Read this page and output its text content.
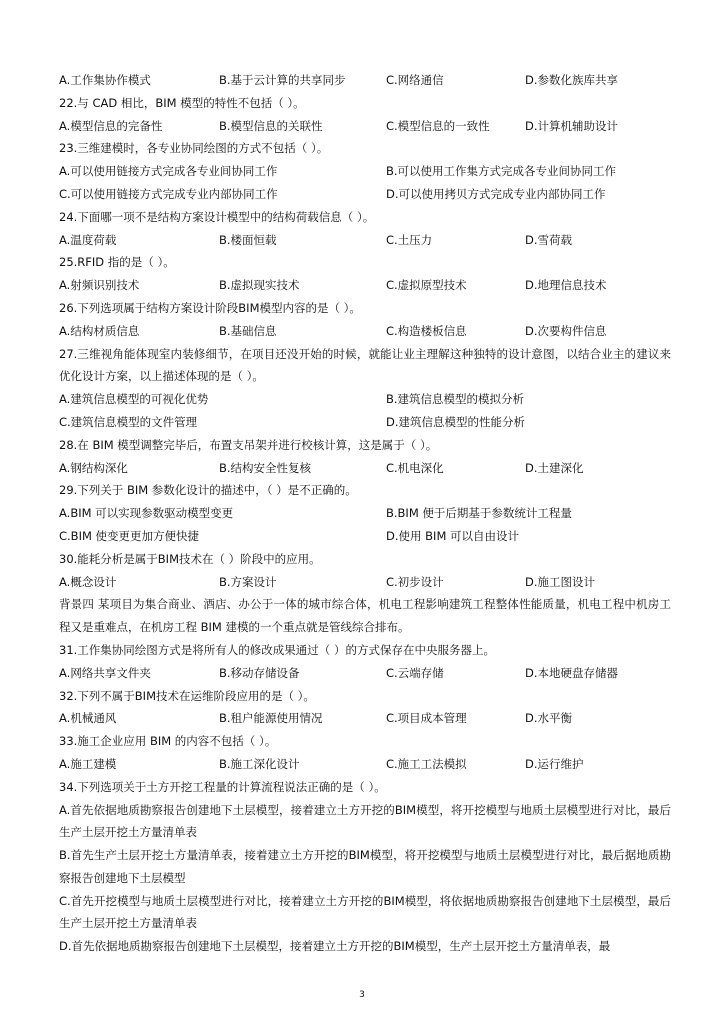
A.工作集协作模式	B.基于云计算的共享同步	C.网络通信	D.参数化族库共享
22.与 CAD 相比，BIM 模型的特性不包括（ ）。
A.模型信息的完备性	B.模型信息的关联性	C.模型信息的一致性	D.计算机辅助设计
23.三维建模时，各专业协同绘图的方式不包括（ ）。
A.可以使用链接方式完成各专业间协同工作	B.可以使用工作集方式完成各专业间协同工作
C.可以使用链接方式完成专业内部协同工作	D.可以使用拷贝方式完成专业内部协同工作
24.下面哪一项不是结构方案设计模型中的结构荷载信息（ ）。
A.温度荷载	B.楼面恒载	C.土压力	D.雪荷载
25.RFID 指的是（ ）。
A.射频识别技术	B.虚拟现实技术	C.虚拟原型技术	D.地理信息技术
26.下列选项属于结构方案设计阶段BIM模型内容的是（ ）。
A.结构材质信息	B.基础信息	C.构造楼板信息	D.次要构件信息
27.三维视角能体现室内装修细节，在项目还没开始的时候，就能让业主理解这种独特的设计意图，以结合业主的建议来优化设计方案，以上描述体现的是（ ）。
A.建筑信息模型的可视化优势	B.建筑信息模型的模拟分析
C.建筑信息模型的文件管理	D.建筑信息模型的性能分析
28.在 BIM 模型调整完毕后，布置支吊架并进行校核计算，这是属于（ ）。
A.钢结构深化	B.结构安全性复核	C.机电深化	D.土建深化
29.下列关于 BIM 参数化设计的描述中，（ ）是不正确的。
A.BIM 可以实现参数驱动模型变更	B.BIM 便于后期基于参数统计工程量
C.BIM 使变更更加方便快捷	D.使用 BIM 可以自由设计
30.能耗分析是属于BIM技术在（ ）阶段中的应用。
A.概念设计	B.方案设计	C.初步设计	D.施工图设计
背景四 某项目为集合商业、酒店、办公于一体的城市综合体，机电工程影响建筑工程整体性能质量，机电工程中机房工程又是重难点，在机房工程 BIM 建模的一个重点就是管线综合排布。
31.工作集协同绘图方式是将所有人的修改成果通过（ ）的方式保存在中央服务器上。
A.网络共享文件夹	B.移动存储设备	C.云端存储	D.本地硬盘存储器
32.下列不属于BIM技术在运维阶段应用的是（ ）。
A.机械通风	B.租户能源使用情况	C.项目成本管理	D.水平衡
33.施工企业应用 BIM 的内容不包括（ ）。
A.施工建模	B.施工深化设计	C.施工工法模拟	D.运行维护
34.下列选项关于土方开挖工程量的计算流程说法正确的是（ ）。
A.首先依据地质勘察报告创建地下土层模型，接着建立土方开挖的BIM模型，将开挖模型与地质土层模型进行对比，最后生产土层开挖土方量清单表
B.首先生产土层开挖土方量清单表，接着建立土方开挖的BIM模型，将开挖模型与地质土层模型进行对比，最后据地质勘察报告创建地下土层模型
C.首先开挖模型与地质土层模型进行对比，接着建立土方开挖的BIM模型，将依据地质勘察报告创建地下土层模型，最后生产土层开挖土方量清单表
D.首先依据地质勘察报告创建地下土层模型，接着建立土方开挖的BIM模型，生产土层开挖土方量清单表，最
3
